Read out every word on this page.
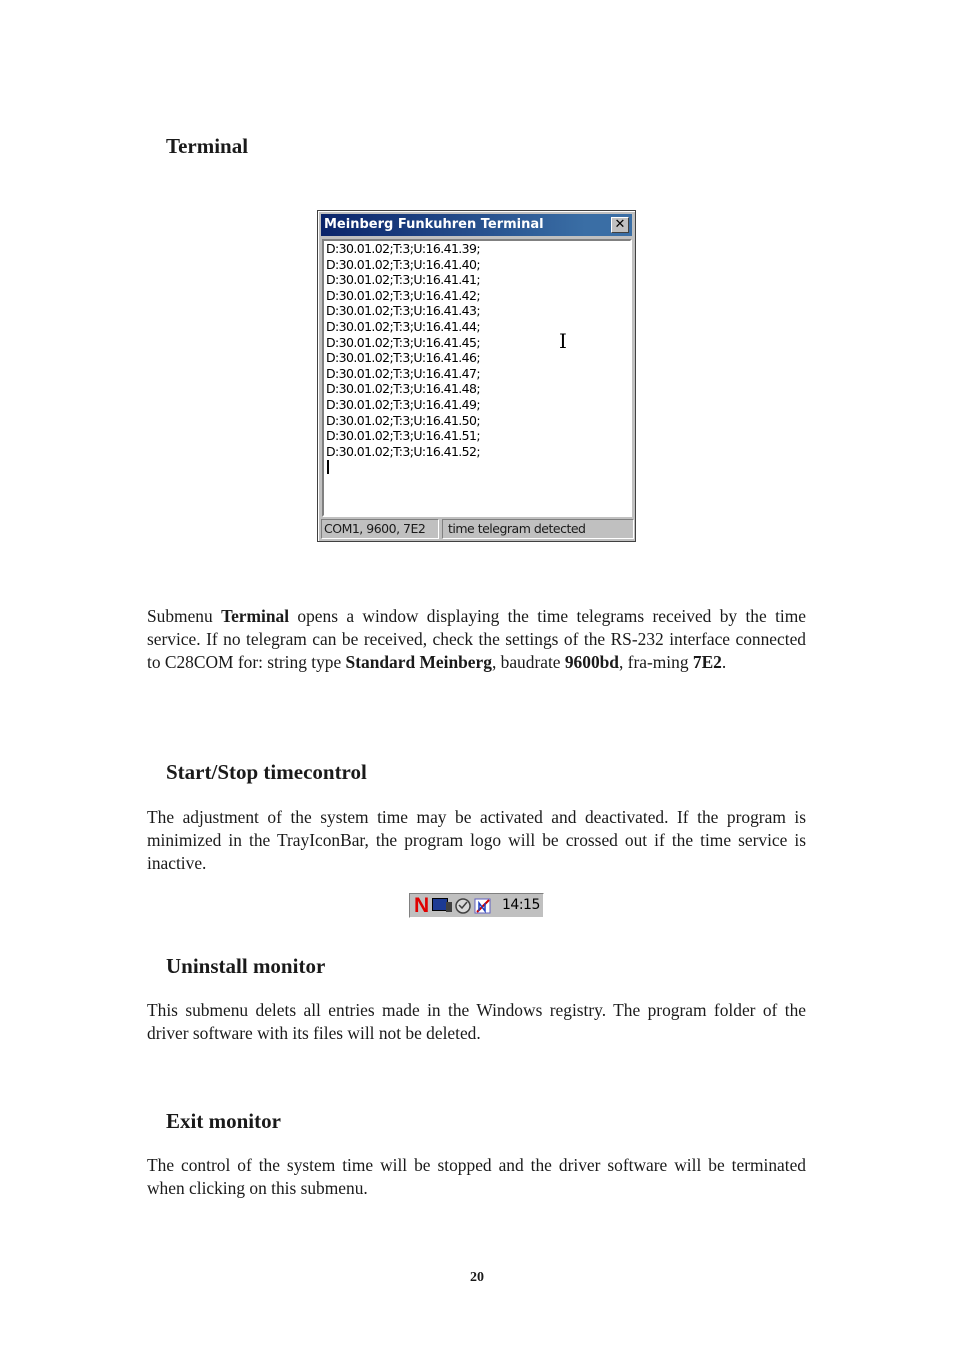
Terminal
Meinberg Funkuhren Terminal	✕
D:30.01.02;T:3;U:16.41.39;
D:30.01.02;T:3;U:16.41.40;
D:30.01.02;T:3;U:16.41.41;
D:30.01.02;T:3;U:16.41.42;
D:30.01.02;T:3;U:16.41.43;
D:30.01.02;T:3;U:16.41.44;
D:30.01.02;T:3;U:16.41.45;
D:30.01.02;T:3;U:16.41.46;
D:30.01.02;T:3;U:16.41.47;
D:30.01.02;T:3;U:16.41.48;
D:30.01.02;T:3;U:16.41.49;
D:30.01.02;T:3;U:16.41.50;
D:30.01.02;T:3;U:16.41.51;
D:30.01.02;T:3;U:16.41.52;
I
COM1, 9600, 7E2	time telegram detected
Submenu Terminal opens a window displaying the time telegrams received by the time service. If no telegram can be received, check the settings of the RS-232 interface connected to C28COM for: string type Standard Meinberg, baudrate 9600bd, fra-ming 7E2.
Start/Stop timecontrol
The adjustment of the system time may be activated and deactivated. If the program is minimized in the TrayIconBar, the program logo will be crossed out if the time service is inactive.
N	14:15
Uninstall monitor
This submenu delets all entries made in the Windows registry. The program folder of the driver software with its files will not be deleted.
Exit monitor
The control of the system time will be stopped and the driver software will be terminated when clicking on this submenu.
20
